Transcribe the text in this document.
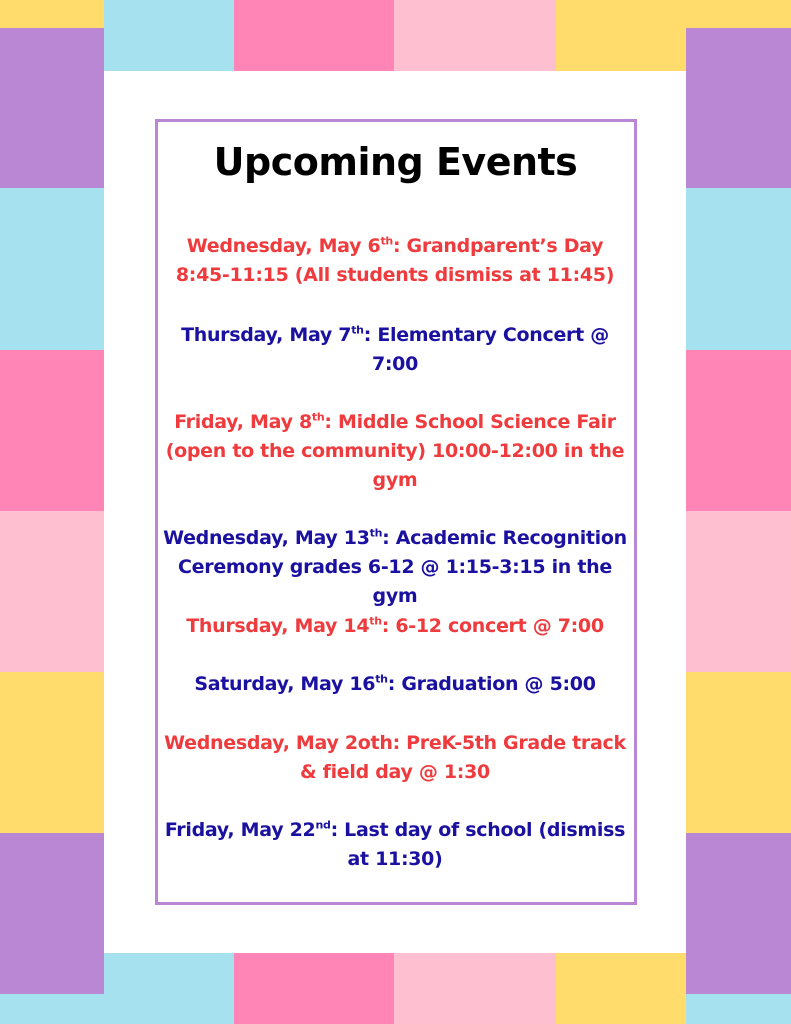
Upcoming Events

Wednesday, May 6th: Grandparent’s Day 8:45-11:15 (All students dismiss at 11:45)

Thursday, May 7th: Elementary Concert @ 7:00

Friday, May 8th: Middle School Science Fair (open to the community) 10:00-12:00 in the gym

Wednesday, May 13th: Academic Recognition Ceremony grades 6-12 @ 1:15-3:15 in the gym

Thursday, May 14th: 6-12 concert @ 7:00

Saturday, May 16th: Graduation @ 5:00

Wednesday, May 2oth: PreK-5th Grade track & field day @ 1:30

Friday, May 22nd: Last day of school (dismiss at 11:30)
